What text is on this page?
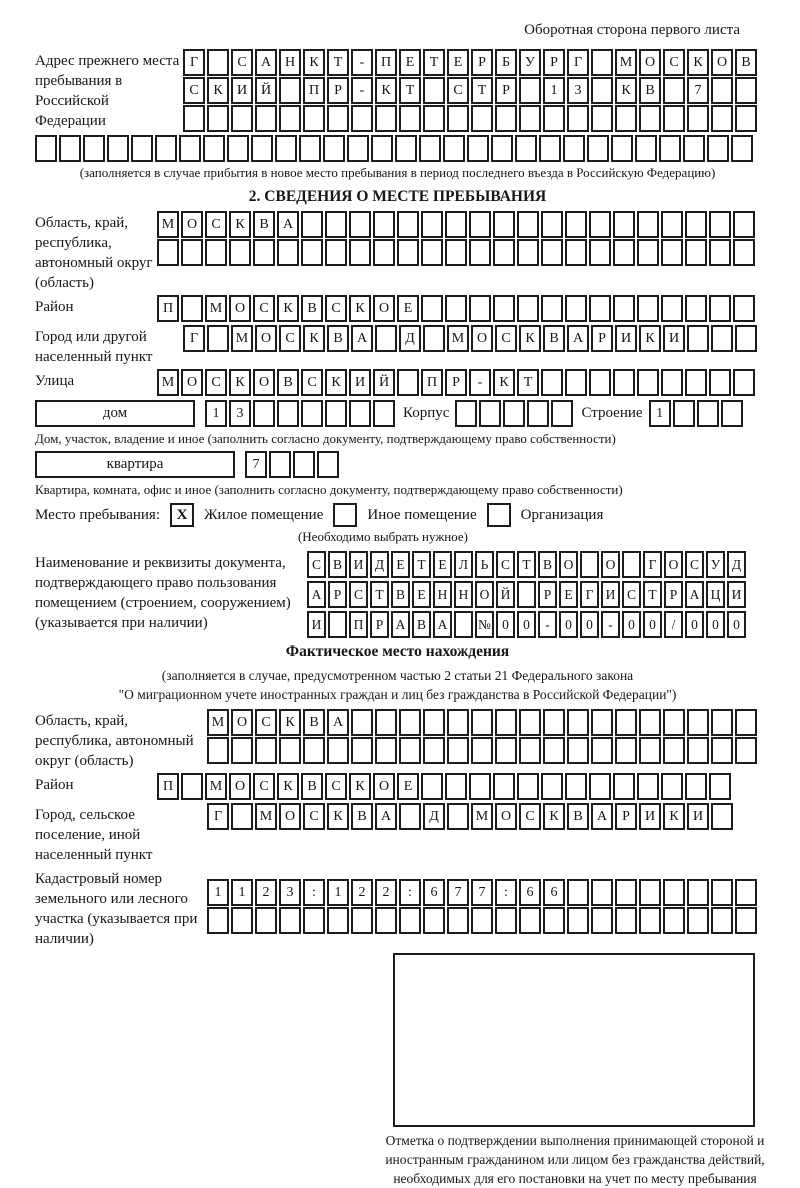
Оборотная сторона первого листа
Адрес прежнего места пребывания в Российской Федерации
Г	С	А Н	К	Т	-	П	Е	Т	Е	Р	Б	У	Р	Г	М О	С	К	О	В
С	К	И Й	П	Р	-	К	Т	С	Т	Р	1	3	К	В	7
(заполняется в случае прибытия в новое место пребывания в период последнего въезда в Российскую Федерацию)
2. СВЕДЕНИЯ О МЕСТЕ ПРЕБЫВАНИЯ
Область, край, республика, автономный округ (область)
М О	С	К	В	А
Район	П	М О	С	К	В	С	К	О	Е
Город или другой населенный пункт
Г	М О	С	К	В	А	Д	М О	С	К	В	А	Р	И	К	И
Улица	М О	С	К	О	В	С	К	И Й	П	Р	-	К	Т
дом	1	3	Корпус	Строение 1
Дом, участок, владение и иное (заполнить согласно документу, подтверждающему право собственности)
квартира	7
Квартира, комната, офис и иное (заполнить согласно документу, подтверждающему право собственности)
Место пребывания:	X	Жилое помещение	Иное помещение	Организация
(Необходимо выбрать нужное)
Наименование и реквизиты документа, подтверждающего право пользования помещением (строением, сооружением) (указывается при наличии)
С В И Д Е Т Е Л Ь С Т В О	О	Г О С У Д
А Р С Т В Е Н Н О Й	Р Е Г И С Т Р А Ц И
И	П Р А В А	№ 0	0	-	0	0	-	0	0	/	0	0	0
Фактическое место нахождения
(заполняется в случае, предусмотренном частью 2 статьи 21 Федерального закона
"О миграционном учете иностранных граждан и лиц без гражданства в Российской Федерации")
Область, край, республика, автономный округ (область)
М О	С	К	В	А
Район	П	М О	С	К	В	С	К	О	Е
Город, сельское поселение, иной населенный пункт
Г	М О	С	К	В	А	Д	М О	С	К	В	А	Р	И	К	И
Кадастровый номер земельного или лесного участка (указывается при наличии)
1	1	2	3	:	1	2	2	:	6	7	7	:	6	6
Отметка о подтверждении выполнения принимающей стороной и иностранным гражданином или лицом без гражданства действий, необходимых для его постановки на учет по месту пребывания
